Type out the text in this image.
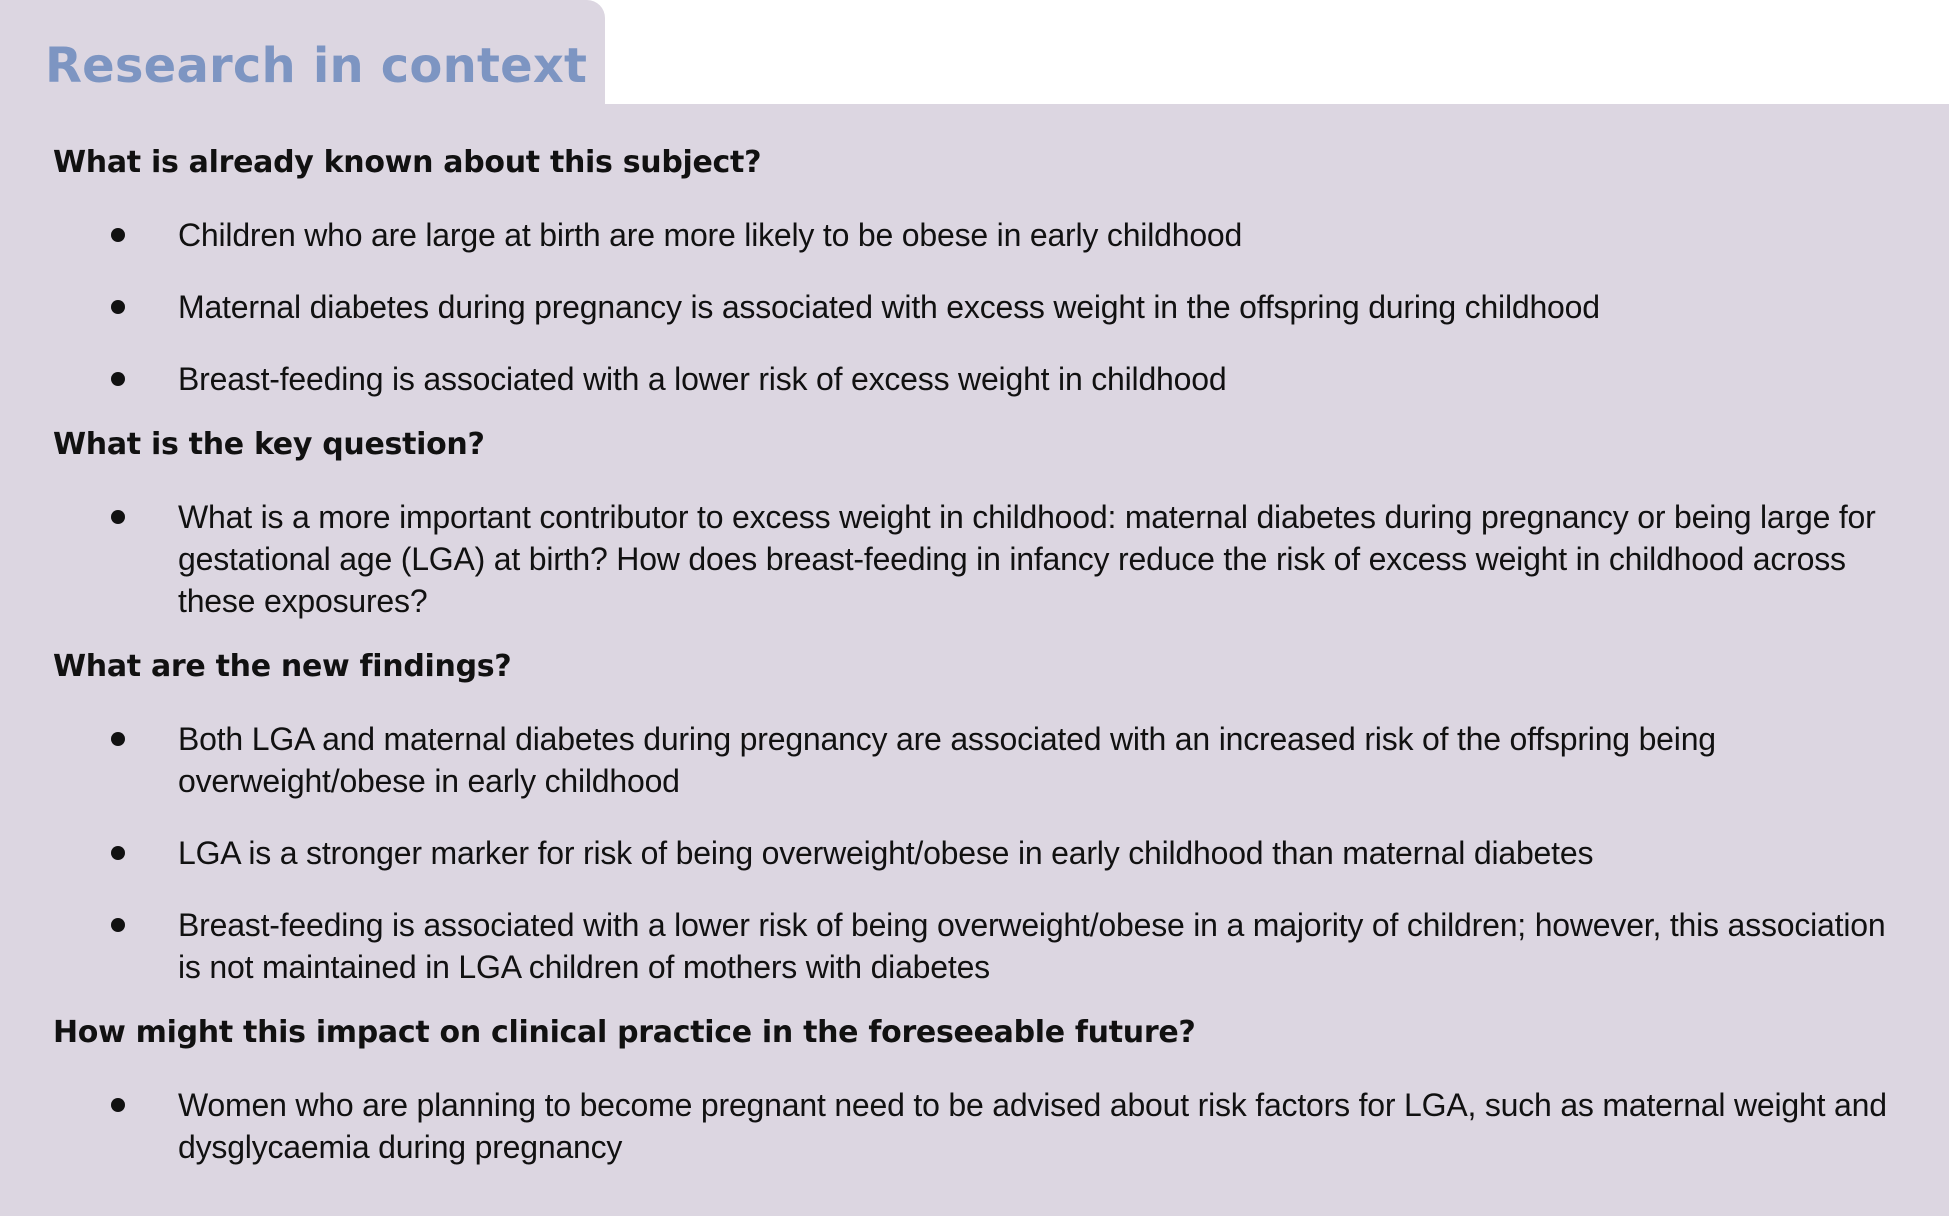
Research in context
What is already known about this subject?
Children who are large at birth are more likely to be obese in early childhood
Maternal diabetes during pregnancy is associated with excess weight in the offspring during childhood
Breast-feeding is associated with a lower risk of excess weight in childhood
What is the key question?
What is a more important contributor to excess weight in childhood: maternal diabetes during pregnancy or being large for gestational age (LGA) at birth? How does breast-feeding in infancy reduce the risk of excess weight in childhood across these exposures?
What are the new findings?
Both LGA and maternal diabetes during pregnancy are associated with an increased risk of the offspring being overweight/obese in early childhood
LGA is a stronger marker for risk of being overweight/obese in early childhood than maternal diabetes
Breast-feeding is associated with a lower risk of being overweight/obese in a majority of children; however, this association is not maintained in LGA children of mothers with diabetes
How might this impact on clinical practice in the foreseeable future?
Women who are planning to become pregnant need to be advised about risk factors for LGA, such as maternal weight and dysglycaemia during pregnancy
